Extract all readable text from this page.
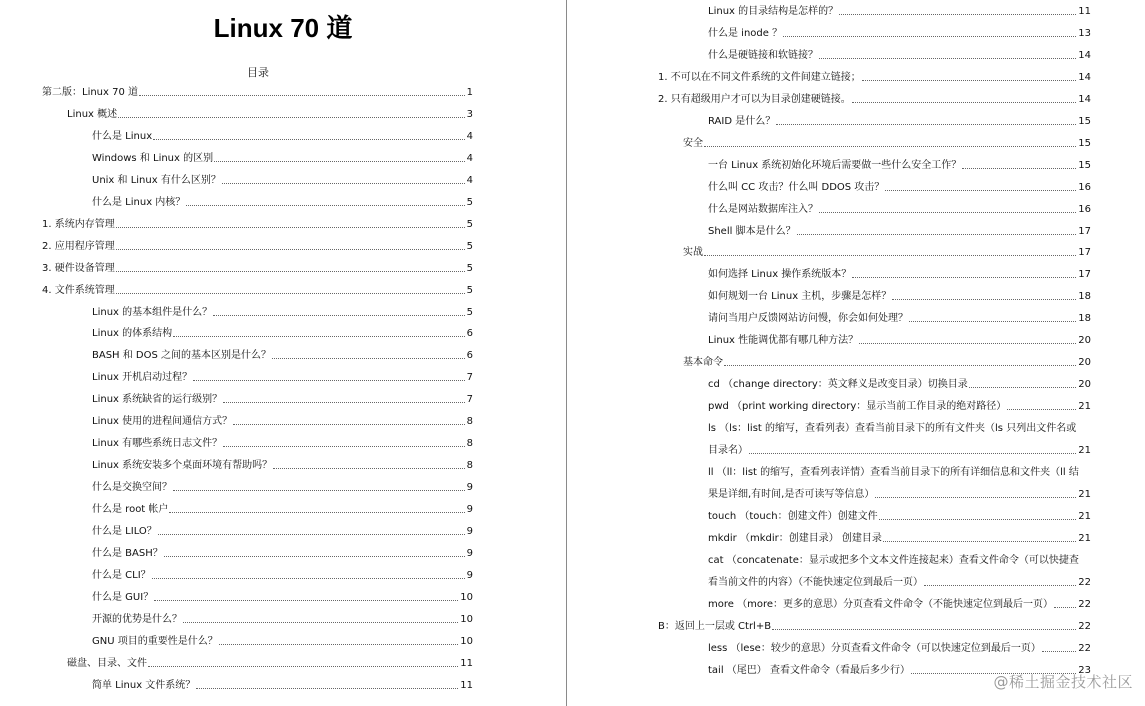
Linux 70 道
目录
第二版：Linux 70 道	1
Linux 概述	3
什么是 Linux	4
Windows 和 Linux 的区别	4
Unix 和 Linux 有什么区别？	4
什么是 Linux 内核？	5
1. 系统内存管理	5
2. 应用程序管理	5
3. 硬件设备管理	5
4. 文件系统管理	5
Linux 的基本组件是什么？	5
Linux 的体系结构	6
BASH 和 DOS 之间的基本区别是什么？	6
Linux 开机启动过程？	7
Linux 系统缺省的运行级别？	7
Linux 使用的进程间通信方式？	8
Linux 有哪些系统日志文件？	8
Linux 系统安装多个桌面环境有帮助吗？	8
什么是交换空间？	9
什么是 root 帐户	9
什么是 LILO？	9
什么是 BASH？	9
什么是 CLI？	9
什么是 GUI？	10
开源的优势是什么？	10
GNU 项目的重要性是什么？	10
磁盘、目录、文件	11
简单 Linux 文件系统？	11
Linux 的目录结构是怎样的？	11
什么是 inode ？	13
什么是硬链接和软链接？	14
1. 不可以在不同文件系统的文件间建立链接；	14
2. 只有超级用户才可以为目录创建硬链接。	14
RAID 是什么？	15
安全	15
一台 Linux 系统初始化环境后需要做一些什么安全工作？	15
什么叫 CC 攻击？什么叫 DDOS 攻击？	16
什么是网站数据库注入？	16
Shell 脚本是什么？	17
实战	17
如何选择 Linux 操作系统版本？	17
如何规划一台 Linux 主机，步骤是怎样？	18
请问当用户反馈网站访问慢，你会如何处理？	18
Linux 性能调优都有哪几种方法？	20
基本命令	20
cd （change directory：英文释义是改变目录）切换目录	20
pwd （print working directory：显示当前工作目录的绝对路径）	21
ls （ls：list 的缩写，查看列表）查看当前目录下的所有文件夹（ls 只列出文件名或
目录名）	21
ll （ll：list 的缩写，查看列表详情）查看当前目录下的所有详细信息和文件夹（ll 结
果是详细,有时间,是否可读写等信息）	21
touch （touch：创建文件）创建文件	21
mkdir （mkdir：创建目录） 创建目录	21
cat （concatenate：显示或把多个文本文件连接起来）查看文件命令（可以快捷查
看当前文件的内容）（不能快速定位到最后一页）	22
more （more：更多的意思）分页查看文件命令（不能快速定位到最后一页）	22
B：返回上一层或 Ctrl+B	22
less （lese：较少的意思）分页查看文件命令（可以快速定位到最后一页）	22
tail （尾巴） 查看文件命令（看最后多少行）	23
@稀土掘金技术社区
